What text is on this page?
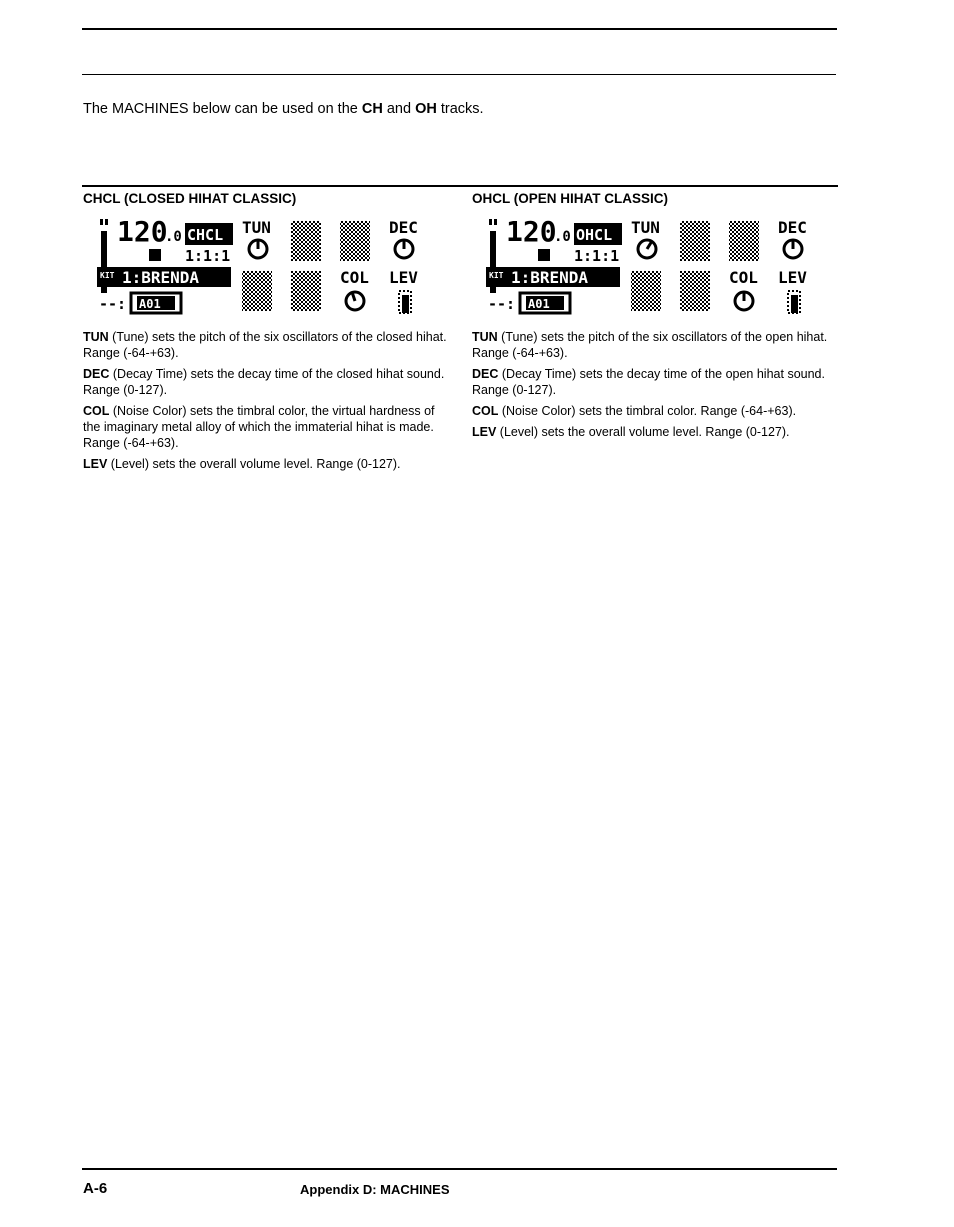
The MACHINES below can be used on the CH and OH tracks.

CHCL (CLOSED HIHAT CLASSIC)
120
.0 CHCL
1:1:1
KIT 1:BRENDA
--: A01
TUN	DEC
COL LEV

TUN (Tune) sets the pitch of the six oscillators of the closed hihat. Range (-64-+63).

DEC (Decay Time) sets the decay time of the closed hihat sound. Range (0-127).

COL (Noise Color) sets the timbral color, the virtual hardness of the imaginary metal alloy of which the immaterial hihat is made. Range (-64-+63).

LEV (Level) sets the overall volume level. Range (0-127).

OHCL (OPEN HIHAT CLASSIC)
120
.0 OHCL
1:1:1
KIT 1:BRENDA
--: A01
TUN	DEC
COL LEV

TUN (Tune) sets the pitch of the six oscillators of the open hihat. Range (-64-+63).

DEC (Decay Time) sets the decay time of the open hihat sound. Range (0-127).

COL (Noise Color) sets the timbral color. Range (-64-+63).

LEV (Level) sets the overall volume level. Range (0-127).

A-6	Appendix D: MACHINES
